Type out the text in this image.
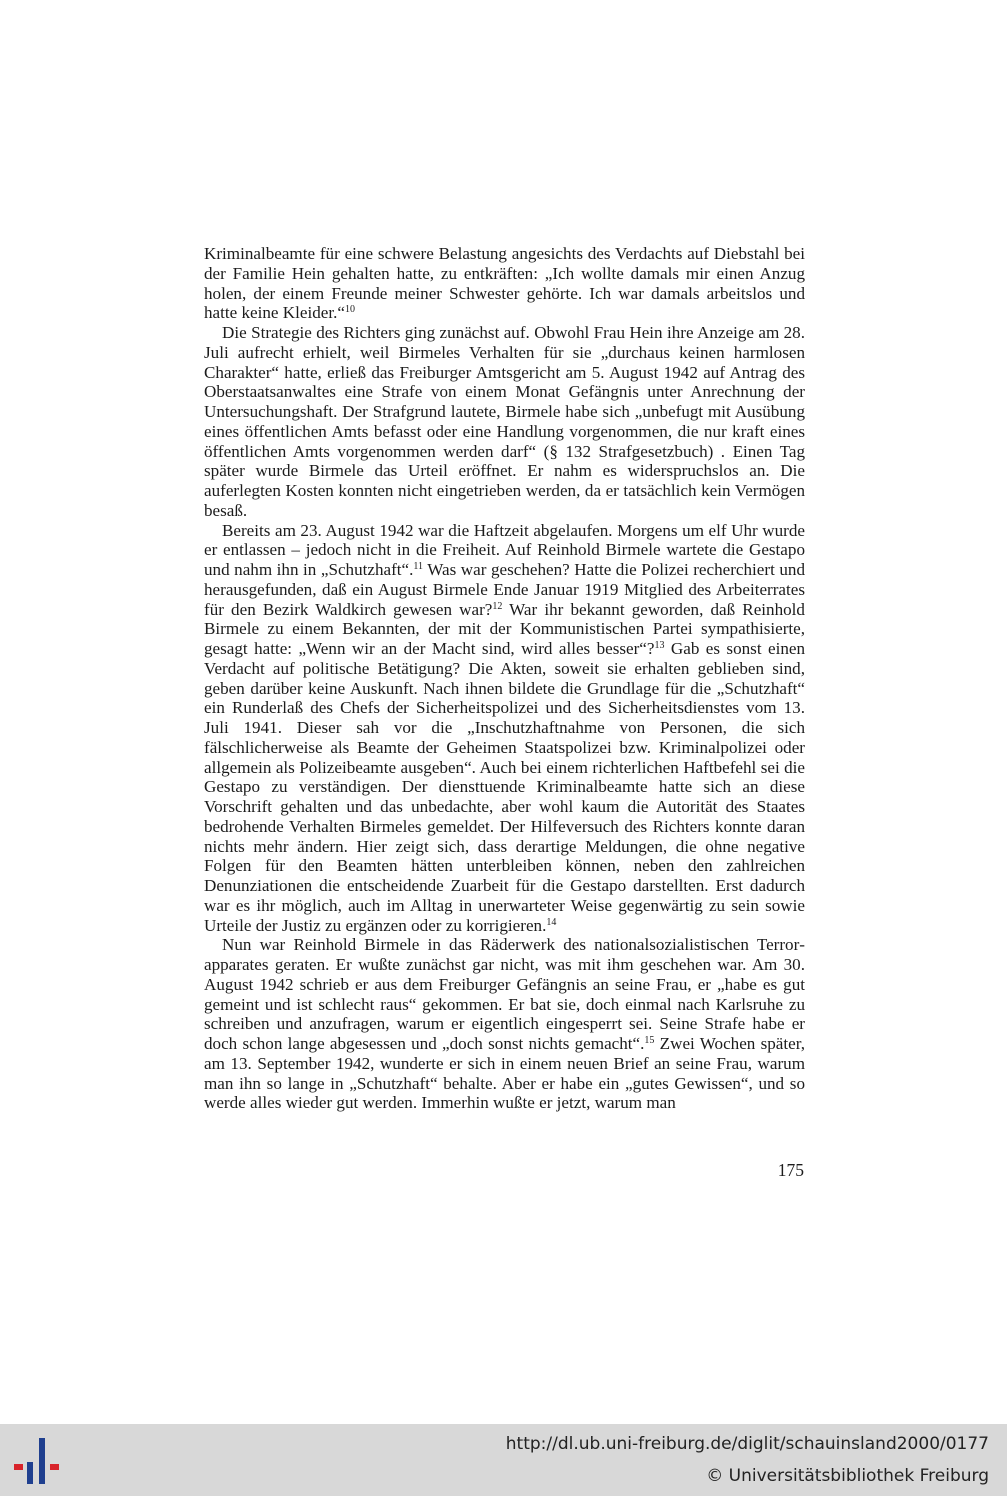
Kriminalbeamte für eine schwere Belastung angesichts des Verdachts auf Diebstahl bei der Familie Hein gehalten hatte, zu entkräften: „Ich wollte damals mir einen Anzug holen, der einem Freunde meiner Schwester gehörte. Ich war damals arbeitslos und hatte keine Kleider.“$^{10}$

Die Strategie des Richters ging zunächst auf. Obwohl Frau Hein ihre Anzeige am 28. Juli aufrecht erhielt, weil Birmeles Verhalten für sie „durchaus keinen harmlosen Charakter“ hatte, erließ das Freiburger Amtsgericht am 5. August 1942 auf Antrag des Oberstaatsanwaltes eine Strafe von einem Monat Gefängnis unter Anrechnung der Untersuchungshaft. Der Strafgrund lautete, Birmele habe sich „unbefugt mit Ausübung eines öffentlichen Amts befasst oder eine Handlung vorgenommen, die nur kraft eines öffentlichen Amts vorgenommen werden darf“ (§ 132 Strafgesetzbuch) . Einen Tag später wurde Birmele das Urteil eröffnet. Er nahm es widerspruchslos an. Die auferlegten Kosten konnten nicht eingetrieben werden, da er tatsächlich kein Vermögen besaß.

Bereits am 23. August 1942 war die Haftzeit abgelaufen. Morgens um elf Uhr wurde er entlassen – jedoch nicht in die Freiheit. Auf Reinhold Birmele wartete die Gestapo und nahm ihn in „Schutzhaft“.$^{11}$ Was war geschehen? Hatte die Polizei recherchiert und herausgefunden, daß ein August Birmele Ende Januar 1919 Mitglied des Arbeiterrates für den Bezirk Waldkirch gewesen war?$^{12}$ War ihr bekannt geworden, daß Reinhold Birmele zu einem Bekannten, der mit der Kommunistischen Partei sympathisierte, gesagt hatte: „Wenn wir an der Macht sind, wird alles besser“?$^{13}$ Gab es sonst einen Verdacht auf politische Betätigung? Die Akten, soweit sie erhalten geblieben sind, geben darüber keine Auskunft. Nach ihnen bildete die Grundlage für die „Schutzhaft“ ein Runderlaß des Chefs der Sicherheitspolizei und des Sicherheitsdienstes vom 13. Juli 1941. Dieser sah vor die „Inschutzhaftnahme von Personen, die sich fälschlicherweise als Beamte der Geheimen Staatspolizei bzw. Kriminalpolizei oder allgemein als Polizeibeamte ausgeben“. Auch bei einem richterlichen Haftbefehl sei die Gestapo zu verständigen. Der diensttuende Kriminalbeamte hatte sich an diese Vorschrift gehalten und das unbedachte, aber wohl kaum die Autorität des Staates bedrohende Verhalten Birmeles gemeldet. Der Hilfeversuch des Richters konnte daran nichts mehr ändern. Hier zeigt sich, dass derartige Meldungen, die ohne negative Folgen für den Beamten hätten unterbleiben können, neben den zahlreichen Denunziationen die entscheidende Zuarbeit für die Gestapo darstellten. Erst dadurch war es ihr möglich, auch im Alltag in unerwarteter Weise gegenwärtig zu sein sowie Urteile der Justiz zu ergänzen oder zu korrigieren.$^{14}$

Nun war Reinhold Birmele in das Räderwerk des nationalsozialistischen Terrorapparates geraten. Er wußte zunächst gar nicht, was mit ihm geschehen war. Am 30. August 1942 schrieb er aus dem Freiburger Gefängnis an seine Frau, er „habe es gut gemeint und ist schlecht raus“ gekommen. Er bat sie, doch einmal nach Karlsruhe zu schreiben und anzufragen, warum er eigentlich eingesperrt sei. Seine Strafe habe er doch schon lange abgesessen und „doch sonst nichts gemacht“.$^{15}$ Zwei Wochen später, am 13. September 1942, wunderte er sich in einem neuen Brief an seine Frau, warum man ihn so lange in „Schutzhaft“ behalte. Aber er habe ein „gutes Gewissen“, und so werde alles wieder gut werden. Immerhin wußte er jetzt, warum man

175
http://dl.ub.uni-freiburg.de/diglit/schauinsland2000/0177
© Universitätsbibliothek Freiburg
